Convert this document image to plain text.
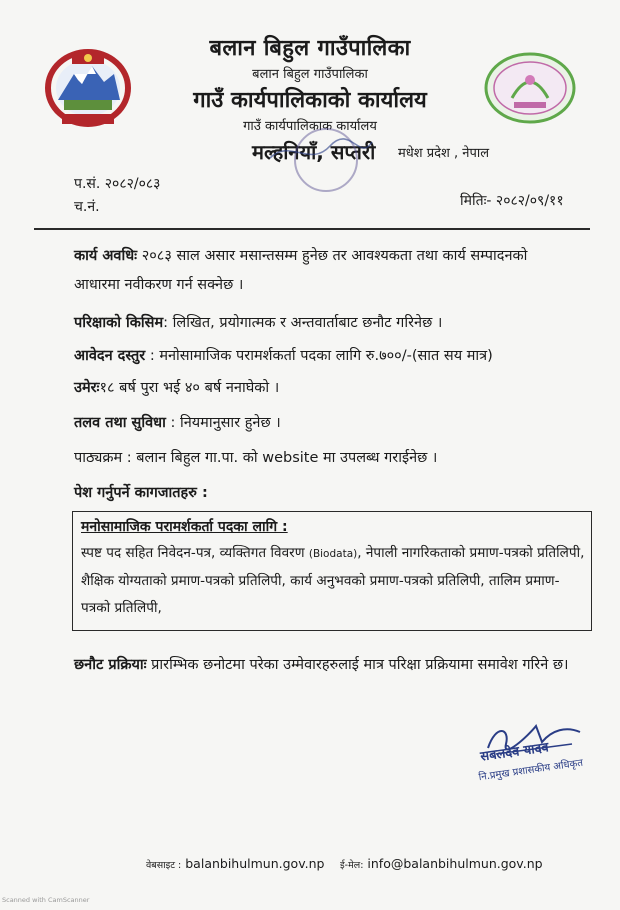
बलान बिहुल गाउँपालिका
बलान बिहुल गाउँपालिका
गाउँ कार्यपालिकाको कार्यालय
गाउँ कार्यपालिकाक कार्यालय
मल्हनियाँ, सप्तरी मधेश प्रदेश , नेपाल
प.सं. २०८२/०८३
च.नं.	मितिः- २०८२/०९/११
कार्य अवधिः २०८३ साल असार मसान्तसम्म हुनेछ तर आवश्यकता तथा कार्य सम्पादनको आधारमा नवीकरण गर्न सक्नेछ ।
परिक्षाको किसिम: लिखित, प्रयोगात्मक र अन्तवार्ताबाट छनौट गरिनेछ ।
आवेदन दस्तुर : मनोसामाजिक परामर्शकर्ता पदका लागि रु.७००/-(सात सय मात्र)
उमेरः१८ बर्ष पुरा भई ४० बर्ष ननाघेको ।
तलव तथा सुविधा : नियमानुसार हुनेछ ।
पाठ्यक्रम : बलान बिहुल गा.पा. को website मा उपलब्ध गराईनेछ ।
पेश गर्नुपर्ने कागजातहरु :
मनोसामाजिक परामर्शकर्ता पदका लागि :
स्पष्ट पद सहित निवेदन-पत्र, व्यक्तिगत विवरण (Biodata), नेपाली नागरिकताको प्रमाण-पत्रको प्रतिलिपी, शैक्षिक योग्यताको प्रमाण-पत्रको प्रतिलिपी, कार्य अनुभवको प्रमाण-पत्रको प्रतिलिपी, तालिम प्रमाण-पत्रको प्रतिलिपी,
छनौट प्रक्रियाः प्रारम्भिक छनोटमा परेका उम्मेवारहरुलाई मात्र परिक्षा प्रक्रियामा समावेश गरिने छ।
सबलदेव यादव
नि.प्रमुख प्रशासकीय अधिकृत
वेबसाइट : balanbihulmun.gov.np ई-मेल: info@balanbihulmun.gov.np
Scanned with CamScanner
